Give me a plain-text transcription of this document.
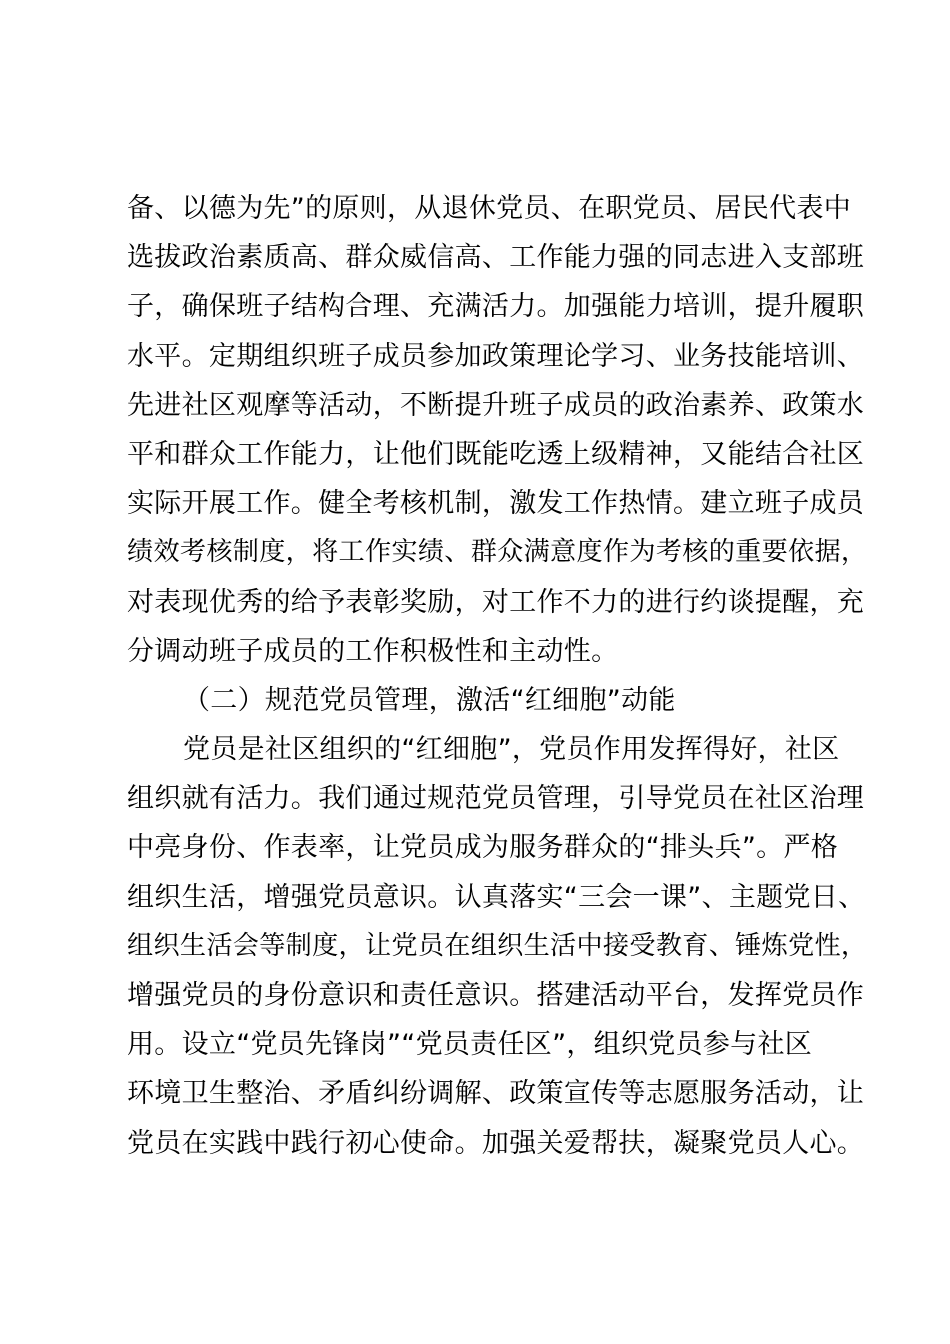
备、以德为先”的原则，从退休党员、在职党员、居民代表中
选拔政治素质高、群众威信高、工作能力强的同志进入支部班
子，确保班子结构合理、充满活力。加强能力培训，提升履职
水平。定期组织班子成员参加政策理论学习、业务技能培训、
先进社区观摩等活动，不断提升班子成员的政治素养、政策水
平和群众工作能力，让他们既能吃透上级精神，又能结合社区
实际开展工作。健全考核机制，激发工作热情。建立班子成员
绩效考核制度，将工作实绩、群众满意度作为考核的重要依据，
对表现优秀的给予表彰奖励，对工作不力的进行约谈提醒，充
分调动班子成员的工作积极性和主动性。
（二）规范党员管理，激活“红细胞”动能
党员是社区组织的“红细胞”，党员作用发挥得好，社区
组织就有活力。我们通过规范党员管理，引导党员在社区治理
中亮身份、作表率，让党员成为服务群众的“排头兵”。严格
组织生活，增强党员意识。认真落实“三会一课”、主题党日、
组织生活会等制度，让党员在组织生活中接受教育、锤炼党性，
增强党员的身份意识和责任意识。搭建活动平台，发挥党员作
用。设立“党员先锋岗”“党员责任区”，组织党员参与社区
环境卫生整治、矛盾纠纷调解、政策宣传等志愿服务活动，让
党员在实践中践行初心使命。加强关爱帮扶，凝聚党员人心。
